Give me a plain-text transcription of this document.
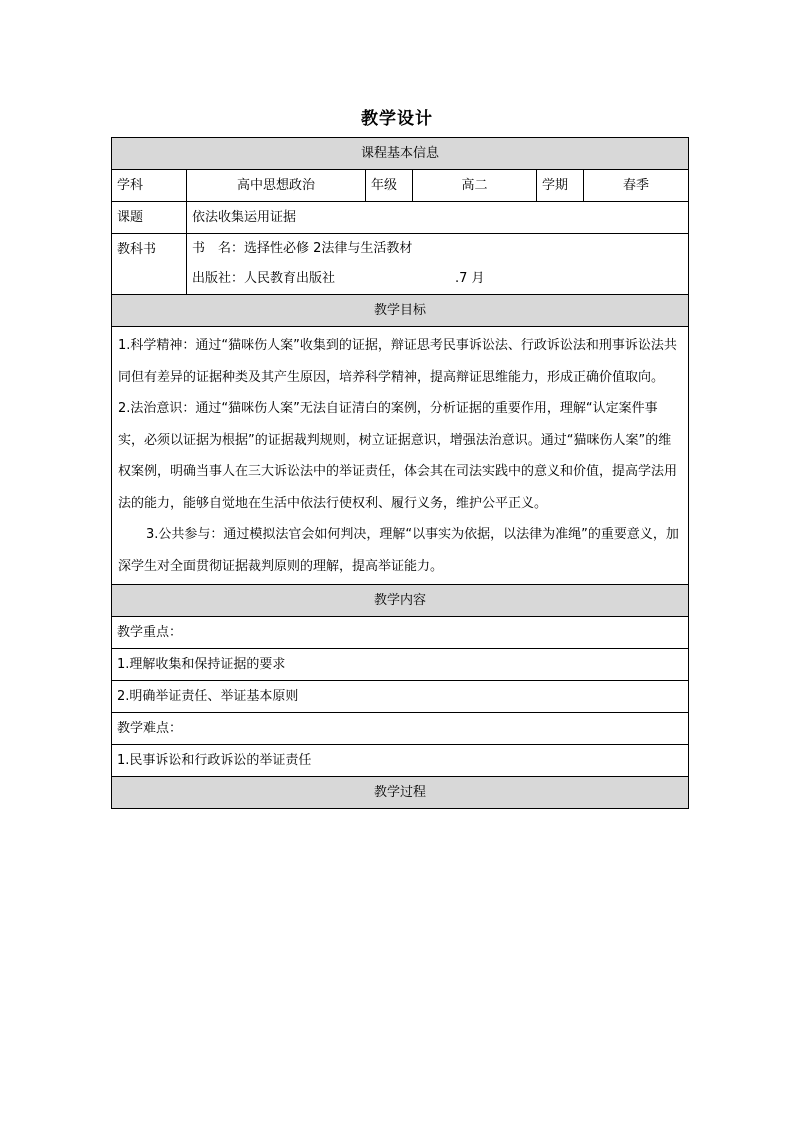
教学设计
课程基本信息					
学科	高中思想政治	年级	高二	学期	春季
课题	依法收集运用证据				
教科书	书　名：选择性必修 2法律与生活教材				
	出版社：人民教育出版社 .7 月				
教学目标					

1.科学精神：通过“猫咪伤人案”收集到的证据，辩证思考民事诉讼法、行政诉讼法和刑事诉讼法共同但有差异的证据种类及其产生原因，培养科学精神，提高辩证思维能力，形成正确价值取向。

2.法治意识：通过“猫咪伤人案”无法自证清白的案例，分析证据的重要作用，理解“认定案件事实，必须以证据为根据”的证据裁判规则，树立证据意识，增强法治意识。通过“猫咪伤人案”的维权案例，明确当事人在三大诉讼法中的举证责任，体会其在司法实践中的意义和价值，提高学法用法的能力，能够自觉地在生活中依法行使权利、履行义务，维护公平正义。

3.公共参与：通过模拟法官会如何判决，理解“以事实为依据，以法律为准绳”的重要意义，加深学生对全面贯彻证据裁判原则的理解，提高举证能力。					

教学内容					
教学重点：					
1.理解收集和保持证据的要求					
2.明确举证责任、举证基本原则					
教学难点：					
1.民事诉讼和行政诉讼的举证责任					
教学过程					
